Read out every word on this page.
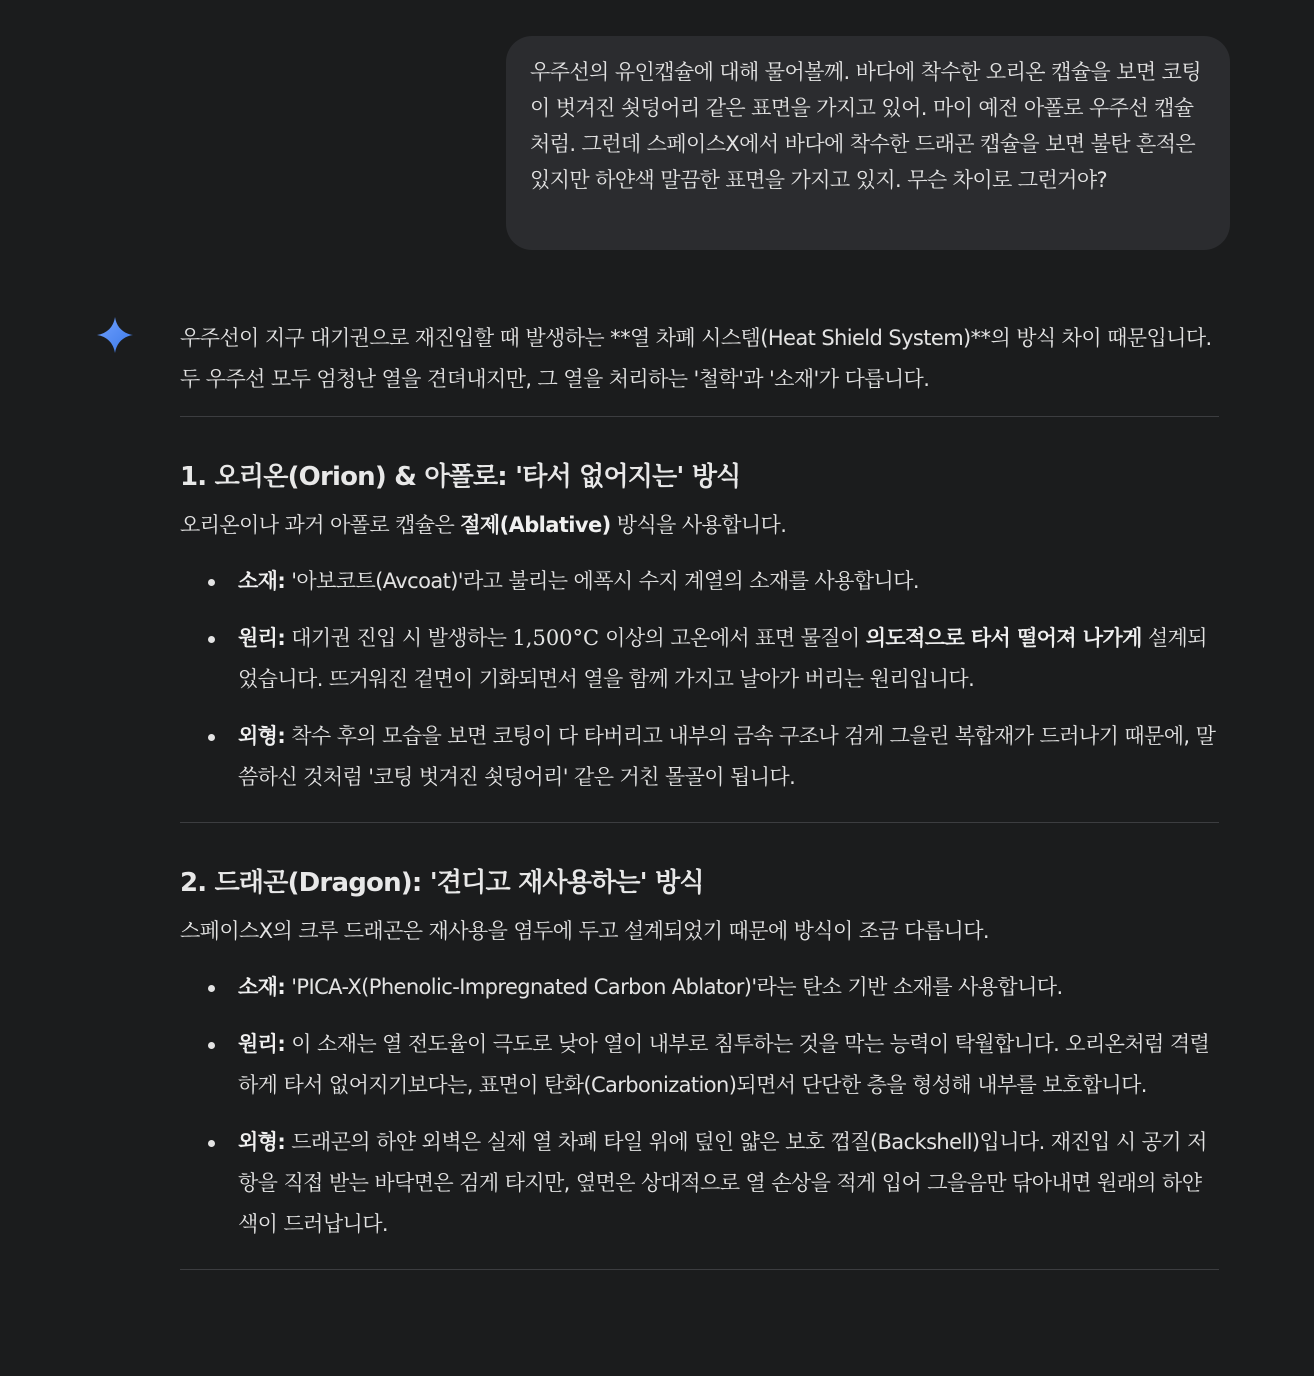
우주선의 유인캡슐에 대해 물어볼께. 바다에 착수한 오리온 캡슐을 보면 코팅이 벗겨진 쇳덩어리 같은 표면을 가지고 있어. 마이 예전 아폴로 우주선 캡슐처럼. 그런데 스페이스X에서 바다에 착수한 드래곤 캡슐을 보면 불탄 흔적은 있지만 하얀색 말끔한 표면을 가지고 있지. 무슨 차이로 그런거야?

우주선이 지구 대기권으로 재진입할 때 발생하는 **열 차폐 시스템(Heat Shield System)**의 방식 차이 때문입니다. 두 우주선 모두 엄청난 열을 견뎌내지만, 그 열을 처리하는 '철학'과 '소재'가 다릅니다.

1. 오리온(Orion) & 아폴로: '타서 없어지는' 방식

오리온이나 과거 아폴로 캡슐은 절제(Ablative) 방식을 사용합니다.

소재: '아보코트(Avcoat)'라고 불리는 에폭시 수지 계열의 소재를 사용합니다.
원리: 대기권 진입 시 발생하는 1,500°C 이상의 고온에서 표면 물질이 의도적으로 타서 떨어져 나가게 설계되었습니다. 뜨거워진 겉면이 기화되면서 열을 함께 가지고 날아가 버리는 원리입니다.
외형: 착수 후의 모습을 보면 코팅이 다 타버리고 내부의 금속 구조나 검게 그을린 복합재가 드러나기 때문에, 말씀하신 것처럼 '코팅 벗겨진 쇳덩어리' 같은 거친 몰골이 됩니다.
2. 드래곤(Dragon): '견디고 재사용하는' 방식

스페이스X의 크루 드래곤은 재사용을 염두에 두고 설계되었기 때문에 방식이 조금 다릅니다.

소재: 'PICA-X(Phenolic-Impregnated Carbon Ablator)'라는 탄소 기반 소재를 사용합니다.
원리: 이 소재는 열 전도율이 극도로 낮아 열이 내부로 침투하는 것을 막는 능력이 탁월합니다. 오리온처럼 격렬하게 타서 없어지기보다는, 표면이 탄화(Carbonization)되면서 단단한 층을 형성해 내부를 보호합니다.
외형: 드래곤의 하얀 외벽은 실제 열 차폐 타일 위에 덮인 얇은 보호 껍질(Backshell)입니다. 재진입 시 공기 저항을 직접 받는 바닥면은 검게 타지만, 옆면은 상대적으로 열 손상을 적게 입어 그을음만 닦아내면 원래의 하얀색이 드러납니다.
